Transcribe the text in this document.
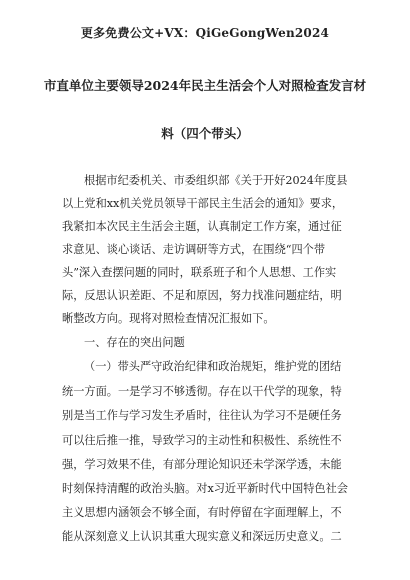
更多免费公文+VX：QiGeGongWen2024
市直单位主要领导2024年民主生活会个人对照检查发言材
料（四个带头）
根据市纪委机关、市委组织部《关于开好2024年度县
以上党和xx机关党员领导干部民主生活会的通知》要求，
我紧扣本次民主生活会主题，认真制定工作方案，通过征
求意见、谈心谈话、走访调研等方式，在围绕“四个带
头”深入查摆问题的同时，联系班子和个人思想、工作实
际，反思认识差距、不足和原因，努力找准问题症结，明
晰整改方向。现将对照检查情况汇报如下。
一、存在的突出问题
（一）带头严守政治纪律和政治规矩，维护党的团结
统一方面。一是学习不够透彻。存在以干代学的现象，特
别是当工作与学习发生矛盾时，往往认为学习不是硬任务
可以往后推一推，导致学习的主动性和积极性、系统性不
强，学习效果不佳，有部分理论知识还未学深学透，未能
时刻保持清醒的政治头脑。对x习近平新时代中国特色社会
主义思想内涵领会不够全面，有时停留在字面理解上，不
能从深刻意义上认识其重大现实意义和深远历史意义。二
